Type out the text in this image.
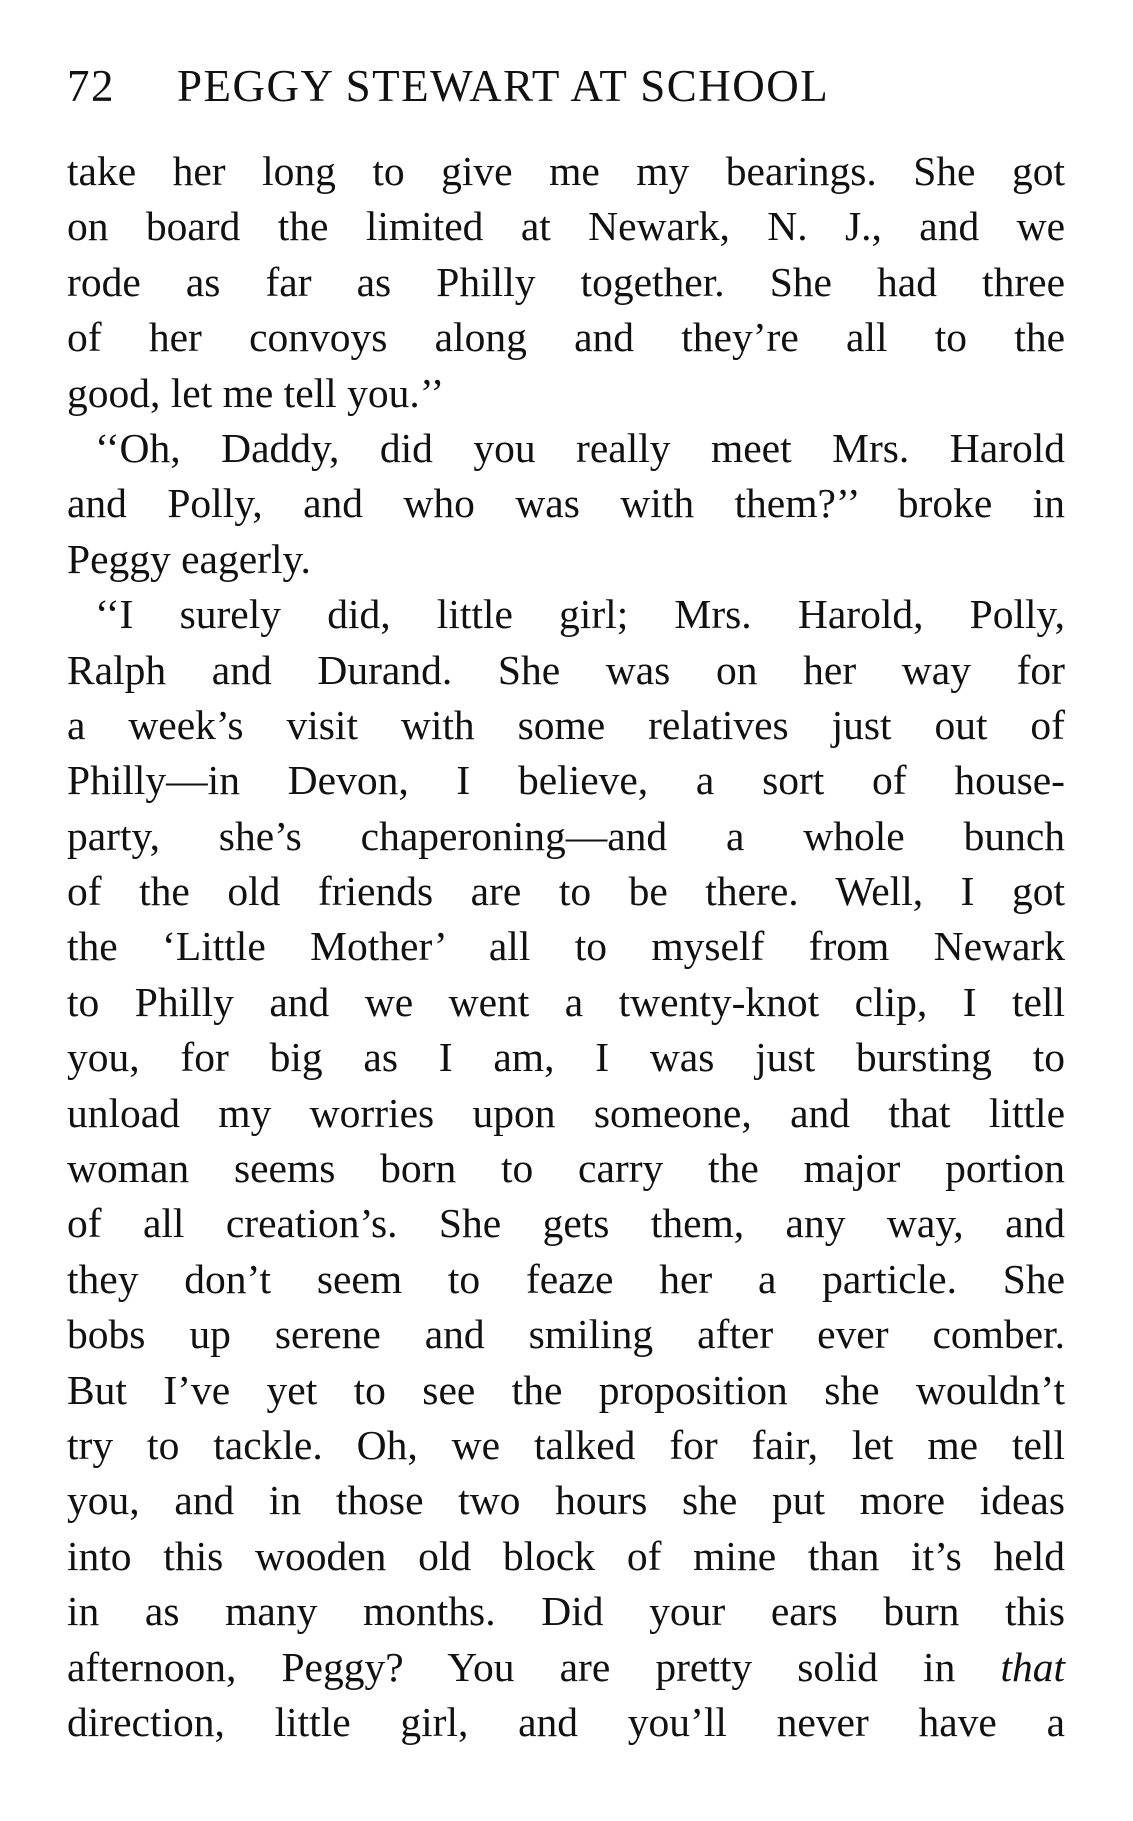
72	PEGGY STEWART AT SCHOOL
take her long to give me my bearings. She got
on board the limited at Newark, N. J., and we
rode as far as Philly together. She had three
of her convoys along and they’re all to the
good, let me tell you.’’
‘‘Oh, Daddy, did you really meet Mrs. Harold
and Polly, and who was with them?’’ broke in
Peggy eagerly.
‘‘I surely did, little girl; Mrs. Harold, Polly,
Ralph and Durand. She was on her way for
a week’s visit with some relatives just out of
Philly—in Devon, I believe, a sort of house-
party, she’s chaperoning—and a whole bunch
of the old friends are to be there. Well, I got
the ‘Little Mother’ all to myself from Newark
to Philly and we went a twenty-knot clip, I tell
you, for big as I am, I was just bursting to
unload my worries upon someone, and that little
woman seems born to carry the major portion
of all creation’s. She gets them, any way, and
they don’t seem to feaze her a particle. She
bobs up serene and smiling after ever comber.
But I’ve yet to see the proposition she wouldn’t
try to tackle. Oh, we talked for fair, let me tell
you, and in those two hours she put more ideas
into this wooden old block of mine than it’s held
in as many months. Did your ears burn this
afternoon, Peggy? You are pretty solid in that
direction, little girl, and you’ll never have a
